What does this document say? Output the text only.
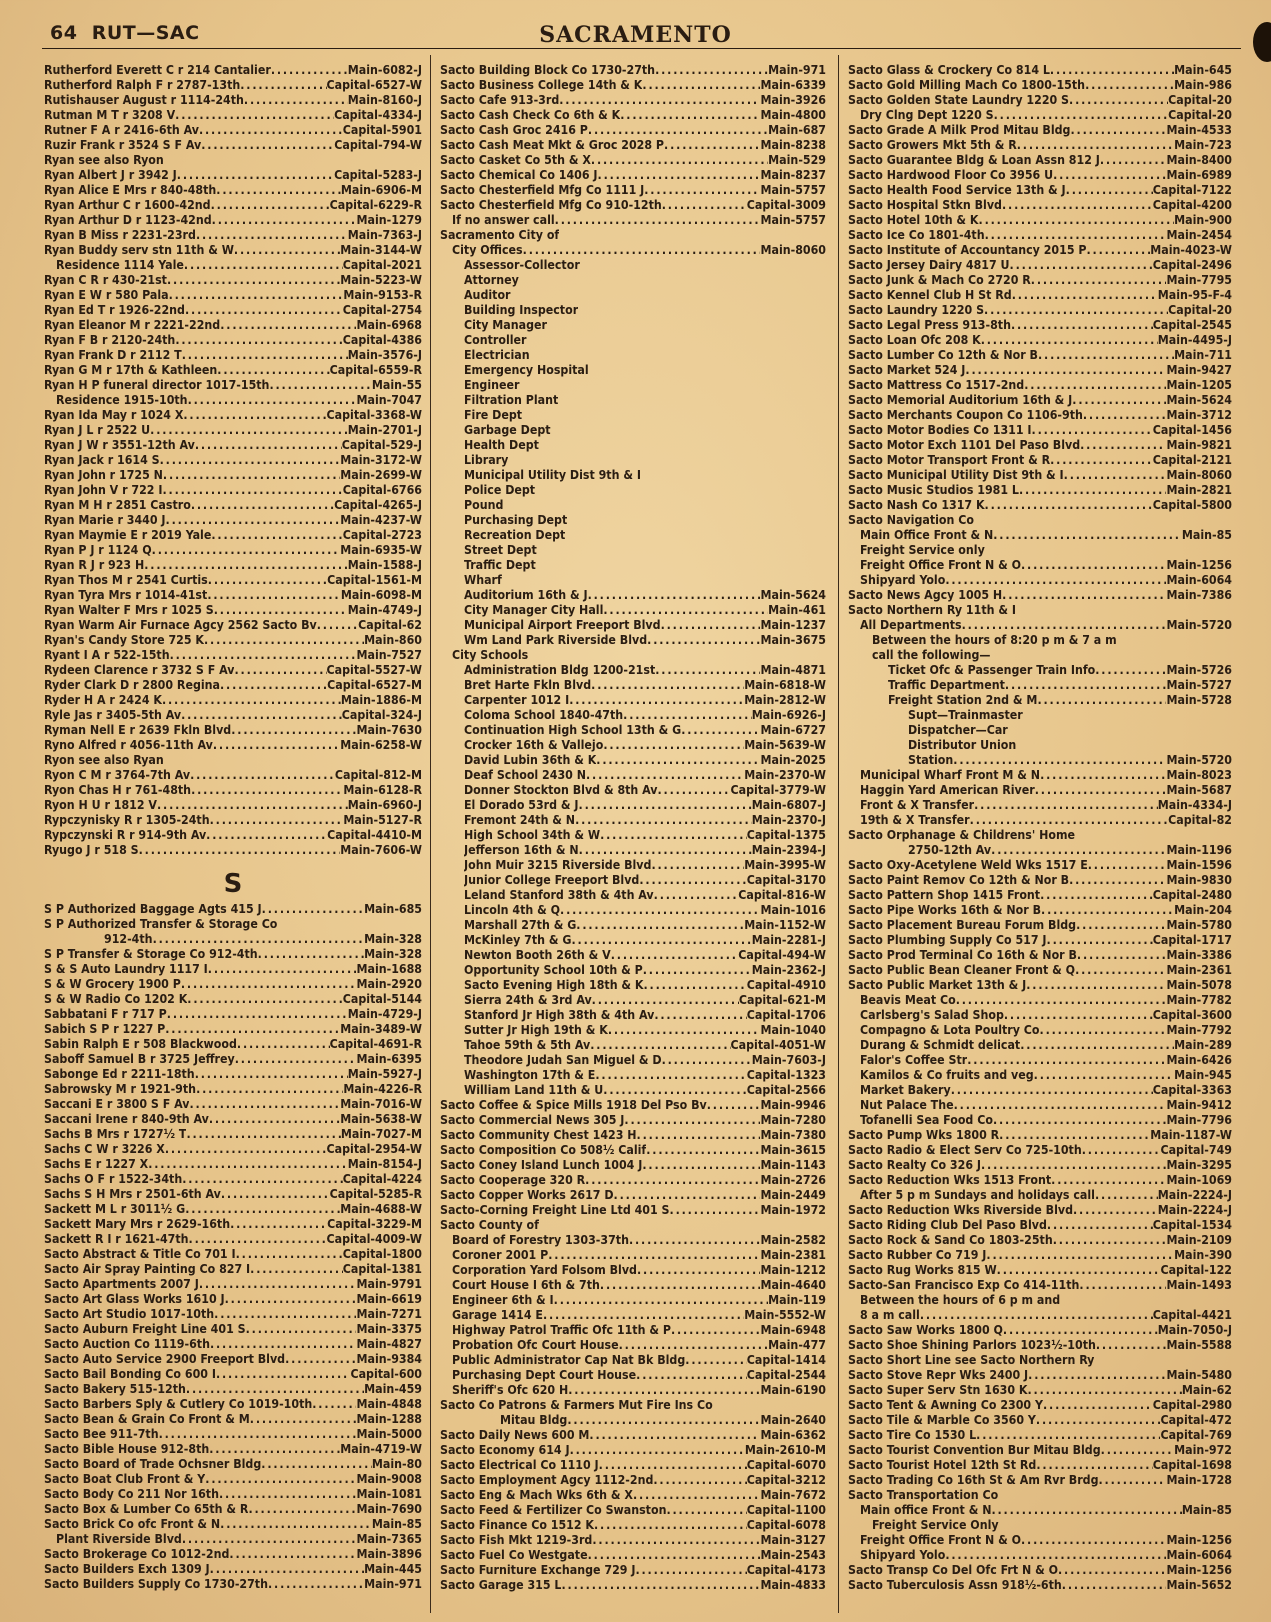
64 RUT—SAC	SACRAMENTO
Rutherford Everett C r 214 Cantalier . . .	Main-6082-J
Rutherford Ralph F r 2787-13th . . .	Capital-6527-W
Rutishauser August r 1114-24th . . .	Main-8160-J
Rutman M T r 3208 V . . .	Capital-4334-J
Rutner F A r 2416-6th Av . . .	Capital-5901
Ruzir Frank r 3524 S F Av . . .	Capital-794-W
Ryan see also Ryon
Ryan Albert J r 3942 J . . .	Capital-5283-J
Ryan Alice E Mrs r 840-48th . . .	Main-6906-M
Ryan Arthur C r 1600-42nd . . .	Capital-6229-R
Ryan Arthur D r 1123-42nd . . .	Main-1279
Ryan B Miss r 2231-23rd . . .	Main-7363-J
Ryan Buddy serv stn 11th & W . . .	Main-3144-W
Residence 1114 Yale . . .	Capital-2021
Ryan C R r 430-21st . . .	Main-5223-W
Ryan E W r 580 Pala . . .	Main-9153-R
Ryan Ed T r 1926-22nd . . .	Capital-2754
Ryan Eleanor M r 2221-22nd . . .	Main-6968
Ryan F B r 2120-24th . . .	Capital-4386
Ryan Frank D r 2112 T . . .	Main-3576-J
Ryan G M r 17th & Kathleen . . .	Capital-6559-R
Ryan H P funeral director 1017-15th . . .	Main-55
Residence 1915-10th . . .	Main-7047
Ryan Ida May r 1024 X . . .	Capital-3368-W
Ryan J L r 2522 U . . .	Main-2701-J
Ryan J W r 3551-12th Av . . .	Capital-529-J
Ryan Jack r 1614 S . . .	Main-3172-W
Ryan John r 1725 N . . .	Main-2699-W
Ryan John V r 722 I . . .	Capital-6766
Ryan M H r 2851 Castro . . .	Capital-4265-J
Ryan Marie r 3440 J . . .	Main-4237-W
Ryan Maymie E r 2019 Yale . . .	Capital-2723
Ryan P J r 1124 Q . . .	Main-6935-W
Ryan R J r 923 H . . .	Main-1588-J
Ryan Thos M r 2541 Curtis . . .	Capital-1561-M
Ryan Tyra Mrs r 1014-41st . . .	Main-6098-M
Ryan Walter F Mrs r 1025 S . . .	Main-4749-J
Ryan Warm Air Furnace Agcy 2562 Sacto Bv . . .	Capital-62
Ryan's Candy Store 725 K . . .	Main-860
Ryant I A r 522-15th . . .	Main-7527
Rydeen Clarence r 3732 S F Av . . .	Capital-5527-W
Ryder Clark D r 2800 Regina . . .	Capital-6527-M
Ryder H A r 2424 K . . .	Main-1886-M
Ryle Jas r 3405-5th Av . . .	Capital-324-J
Ryman Nell E r 2639 Fkln Blvd . . .	Main-7630
Ryno Alfred r 4056-11th Av . . .	Main-6258-W
Ryon see also Ryan
Ryon C M r 3764-7th Av . . .	Capital-812-M
Ryon Chas H r 761-48th . . .	Main-6128-R
Ryon H U r 1812 V . . .	Main-6960-J
Rypczynisky R r 1305-24th . . .	Main-5127-R
Rypczynski R r 914-9th Av . . .	Capital-4410-M
Ryugo J r 518 S . . .	Main-7606-W
S
S P Authorized Baggage Agts 415 J . . .	Main-685
S P Authorized Transfer & Storage Co
912-4th . . .	Main-328
S P Transfer & Storage Co 912-4th . . .	Main-328
S & S Auto Laundry 1117 I . . .	Main-1688
S & W Grocery 1900 P . . .	Main-2920
S & W Radio Co 1202 K . . .	Capital-5144
Sabbatani F r 717 P . . .	Main-4729-J
Sabich S P r 1227 P . . .	Main-3489-W
Sabin Ralph E r 508 Blackwood . . .	Capital-4691-R
Saboff Samuel B r 3725 Jeffrey . . .	Main-6395
Sabonge Ed r 2211-18th . . .	Main-5927-J
Sabrowsky M r 1921-9th . . .	Main-4226-R
Saccani E r 3800 S F Av . . .	Main-7016-W
Saccani Irene r 840-9th Av . . .	Main-5638-W
Sachs B Mrs r 1727½ T . . .	Main-7027-M
Sachs C W r 3226 X . . .	Capital-2954-W
Sachs E r 1227 X . . .	Main-8154-J
Sachs O F r 1522-34th . . .	Capital-4224
Sachs S H Mrs r 2501-6th Av . . .	Capital-5285-R
Sackett M L r 3011½ G . . .	Main-4688-W
Sackett Mary Mrs r 2629-16th . . .	Capital-3229-M
Sackett R I r 1621-47th . . .	Capital-4009-W
Sacto Abstract & Title Co 701 I . . .	Capital-1800
Sacto Air Spray Painting Co 827 I . . .	Capital-1381
Sacto Apartments 2007 J . . .	Main-9791
Sacto Art Glass Works 1610 J . . .	Main-6619
Sacto Art Studio 1017-10th . . .	Main-7271
Sacto Auburn Freight Line 401 S . . .	Main-3375
Sacto Auction Co 1119-6th . . .	Main-4827
Sacto Auto Service 2900 Freeport Blvd . . .	Main-9384
Sacto Bail Bonding Co 600 I . . .	Capital-600
Sacto Bakery 515-12th . . .	Main-459
Sacto Barbers Sply & Cutlery Co 1019-10th . . .	Main-4848
Sacto Bean & Grain Co Front & M . . .	Main-1288
Sacto Bee 911-7th . . .	Main-5000
Sacto Bible House 912-8th . . .	Main-4719-W
Sacto Board of Trade Ochsner Bldg . . .	Main-80
Sacto Boat Club Front & Y . . .	Main-9008
Sacto Body Co 211 Nor 16th . . .	Main-1081
Sacto Box & Lumber Co 65th & R . . .	Main-7690
Sacto Brick Co ofc Front & N . . .	Main-85
Plant Riverside Blvd . . .	Main-7365
Sacto Brokerage Co 1012-2nd . . .	Main-3896
Sacto Builders Exch 1309 J . . .	Main-445
Sacto Builders Supply Co 1730-27th . . .	Main-971
Sacto Building Block Co 1730-27th . . .	Main-971
Sacto Business College 14th & K . . .	Main-6339
Sacto Cafe 913-3rd . . .	Main-3926
Sacto Cash Check Co 6th & K . . .	Main-4800
Sacto Cash Groc 2416 P . . .	Main-687
Sacto Cash Meat Mkt & Groc 2028 P . . .	Main-8238
Sacto Casket Co 5th & X . . .	Main-529
Sacto Chemical Co 1406 J . . .	Main-8237
Sacto Chesterfield Mfg Co 1111 J . . .	Main-5757
Sacto Chesterfield Mfg Co 910-12th . . .	Capital-3009
If no answer call . . .	Main-5757
Sacramento City of
City Offices . . .	Main-8060
Assessor-Collector
Attorney
Auditor
Building Inspector
City Manager
Controller
Electrician
Emergency Hospital
Engineer
Filtration Plant
Fire Dept
Garbage Dept
Health Dept
Library
Municipal Utility Dist 9th & I
Police Dept
Pound
Purchasing Dept
Recreation Dept
Street Dept
Traffic Dept
Wharf
Auditorium 16th & J . . .	Main-5624
City Manager City Hall . . .	Main-461
Municipal Airport Freeport Blvd . . .	Main-1237
Wm Land Park Riverside Blvd . . .	Main-3675
City Schools
Administration Bldg 1200-21st . . .	Main-4871
Bret Harte Fkln Blvd . . .	Main-6818-W
Carpenter 1012 I . . .	Main-2812-W
Coloma School 1840-47th . . .	Main-6926-J
Continuation High School 13th & G . . .	Main-6727
Crocker 16th & Vallejo . . .	Main-5639-W
David Lubin 36th & K . . .	Main-2025
Deaf School 2430 N . . .	Main-2370-W
Donner Stockton Blvd & 8th Av . . .	Capital-3779-W
El Dorado 53rd & J . . .	Main-6807-J
Fremont 24th & N . . .	Main-2370-J
High School 34th & W . . .	Capital-1375
Jefferson 16th & N . . .	Main-2394-J
John Muir 3215 Riverside Blvd . . .	Main-3995-W
Junior College Freeport Blvd . . .	Capital-3170
Leland Stanford 38th & 4th Av . . .	Capital-816-W
Lincoln 4th & Q . . .	Main-1016
Marshall 27th & G . . .	Main-1152-W
McKinley 7th & G . . .	Main-2281-J
Newton Booth 26th & V . . .	Capital-494-W
Opportunity School 10th & P . . .	Main-2362-J
Sacto Evening High 18th & K . . .	Capital-4910
Sierra 24th & 3rd Av . . .	Capital-621-M
Stanford Jr High 38th & 4th Av . . .	Capital-1706
Sutter Jr High 19th & K . . .	Main-1040
Tahoe 59th & 5th Av . . .	Capital-4051-W
Theodore Judah San Miguel & D . . .	Main-7603-J
Washington 17th & E . . .	Capital-1323
William Land 11th & U . . .	Capital-2566
Sacto Coffee & Spice Mills 1918 Del Pso Bv . . .	Main-9946
Sacto Commercial News 305 J . . .	Main-7280
Sacto Community Chest 1423 H . . .	Main-7380
Sacto Composition Co 508½ Calif . . .	Main-3615
Sacto Coney Island Lunch 1004 J . . .	Main-1143
Sacto Cooperage 320 R . . .	Main-2726
Sacto Copper Works 2617 D . . .	Main-2449
Sacto-Corning Freight Line Ltd 401 S . . .	Main-1972
Sacto County of
Board of Forestry 1303-37th . . .	Main-2582
Coroner 2001 P . . .	Main-2381
Corporation Yard Folsom Blvd . . .	Main-1212
Court House I 6th & 7th . . .	Main-4640
Engineer 6th & I . . .	Main-119
Garage 1414 E . . .	Main-5552-W
Highway Patrol Traffic Ofc 11th & P . . .	Main-6948
Probation Ofc Court House . . .	Main-477
Public Administrator Cap Nat Bk Bldg . . .	Capital-1414
Purchasing Dept Court House . . .	Capital-2544
Sheriff's Ofc 620 H . . .	Main-6190
Sacto Co Patrons & Farmers Mut Fire Ins Co
Mitau Bldg . . .	Main-2640
Sacto Daily News 600 M . . .	Main-6362
Sacto Economy 614 J . . .	Main-2610-M
Sacto Electrical Co 1110 J . . .	Capital-6070
Sacto Employment Agcy 1112-2nd . . .	Capital-3212
Sacto Eng & Mach Wks 6th & X . . .	Main-7672
Sacto Feed & Fertilizer Co Swanston . . .	Capital-1100
Sacto Finance Co 1512 K . . .	Capital-6078
Sacto Fish Mkt 1219-3rd . . .	Main-3127
Sacto Fuel Co Westgate . . .	Main-2543
Sacto Furniture Exchange 729 J . . .	Capital-4173
Sacto Garage 315 L . . .	Main-4833
Sacto Glass & Crockery Co 814 L . . .	Main-645
Sacto Gold Milling Mach Co 1800-15th . . .	Main-986
Sacto Golden State Laundry 1220 S . . .	Capital-20
Dry Clng Dept 1220 S . . .	Capital-20
Sacto Grade A Milk Prod Mitau Bldg . . .	Main-4533
Sacto Growers Mkt 5th & R . . .	Main-723
Sacto Guarantee Bldg & Loan Assn 812 J . . .	Main-8400
Sacto Hardwood Floor Co 3956 U . . .	Main-6989
Sacto Health Food Service 13th & J . . .	Capital-7122
Sacto Hospital Stkn Blvd . . .	Capital-4200
Sacto Hotel 10th & K . . .	Main-900
Sacto Ice Co 1801-4th . . .	Main-2454
Sacto Institute of Accountancy 2015 P . . .	Main-4023-W
Sacto Jersey Dairy 4817 U . . .	Capital-2496
Sacto Junk & Mach Co 2720 R . . .	Main-7795
Sacto Kennel Club H St Rd . . .	Main-95-F-4
Sacto Laundry 1220 S . . .	Capital-20
Sacto Legal Press 913-8th . . .	Capital-2545
Sacto Loan Ofc 208 K . . .	Main-4495-J
Sacto Lumber Co 12th & Nor B . . .	Main-711
Sacto Market 524 J . . .	Main-9427
Sacto Mattress Co 1517-2nd . . .	Main-1205
Sacto Memorial Auditorium 16th & J . . .	Main-5624
Sacto Merchants Coupon Co 1106-9th . . .	Main-3712
Sacto Motor Bodies Co 1311 I . . .	Capital-1456
Sacto Motor Exch 1101 Del Paso Blvd . . .	Main-9821
Sacto Motor Transport Front & R . . .	Capital-2121
Sacto Municipal Utility Dist 9th & I . . .	Main-8060
Sacto Music Studios 1981 L . . .	Main-2821
Sacto Nash Co 1317 K . . .	Capital-5800
Sacto Navigation Co
Main Office Front & N . . .	Main-85
Freight Service only
Freight Office Front N & O . . .	Main-1256
Shipyard Yolo . . .	Main-6064
Sacto News Agcy 1005 H . . .	Main-7386
Sacto Northern Ry 11th & I
All Departments . . .	Main-5720
Between the hours of 8:20 p m & 7 a m
call the following—
Ticket Ofc & Passenger Train Info . . .	Main-5726
Traffic Department . . .	Main-5727
Freight Station 2nd & M . . .	Main-5728
Supt—Trainmaster
Dispatcher—Car
Distributor Union
Station . . .	Main-5720
Municipal Wharf Front M & N . . .	Main-8023
Haggin Yard American River . . .	Main-5687
Front & X Transfer . . .	Main-4334-J
19th & X Transfer . . .	Capital-82
Sacto Orphanage & Childrens' Home
2750-12th Av . . .	Main-1196
Sacto Oxy-Acetylene Weld Wks 1517 E . . .	Main-1596
Sacto Paint Remov Co 12th & Nor B . . .	Main-9830
Sacto Pattern Shop 1415 Front . . .	Capital-2480
Sacto Pipe Works 16th & Nor B . . .	Main-204
Sacto Placement Bureau Forum Bldg . . .	Main-5780
Sacto Plumbing Supply Co 517 J . . .	Capital-1717
Sacto Prod Terminal Co 16th & Nor B . . .	Main-3386
Sacto Public Bean Cleaner Front & Q . . .	Main-2361
Sacto Public Market 13th & J . . .	Main-5078
Beavis Meat Co . . .	Main-7782
Carlsberg's Salad Shop . . .	Capital-3600
Compagno & Lota Poultry Co . . .	Main-7792
Durang & Schmidt delicat . . .	Main-289
Falor's Coffee Str . . .	Main-6426
Kamilos & Co fruits and veg . . .	Main-945
Market Bakery . . .	Capital-3363
Nut Palace The . . .	Main-9412
Tofanelli Sea Food Co . . .	Main-7796
Sacto Pump Wks 1800 R . . .	Main-1187-W
Sacto Radio & Elect Serv Co 725-10th . . .	Capital-749
Sacto Realty Co 326 J . . .	Main-3295
Sacto Reduction Wks 1513 Front . . .	Main-1069
After 5 p m Sundays and holidays call . . .	Main-2224-J
Sacto Reduction Wks Riverside Blvd . . .	Main-2224-J
Sacto Riding Club Del Paso Blvd . . .	Capital-1534
Sacto Rock & Sand Co 1803-25th . . .	Main-2109
Sacto Rubber Co 719 J . . .	Main-390
Sacto Rug Works 815 W . . .	Capital-122
Sacto-San Francisco Exp Co 414-11th . . .	Main-1493
Between the hours of 6 p m and
8 a m call . . .	Capital-4421
Sacto Saw Works 1800 Q . . .	Main-7050-J
Sacto Shoe Shining Parlors 1023½-10th . . .	Main-5588
Sacto Short Line see Sacto Northern Ry
Sacto Stove Repr Wks 2400 J . . .	Main-5480
Sacto Super Serv Stn 1630 K . . .	Main-62
Sacto Tent & Awning Co 2300 Y . . .	Capital-2980
Sacto Tile & Marble Co 3560 Y . . .	Capital-472
Sacto Tire Co 1530 L . . .	Capital-769
Sacto Tourist Convention Bur Mitau Bldg . . .	Main-972
Sacto Tourist Hotel 12th St Rd . . .	Capital-1698
Sacto Trading Co 16th St & Am Rvr Brdg . . .	Main-1728
Sacto Transportation Co
Main office Front & N . . .	Main-85
Freight Service Only
Freight Office Front N & O . . .	Main-1256
Shipyard Yolo . . .	Main-6064
Sacto Transp Co Del Ofc Frt N & O . . .	Main-1256
Sacto Tuberculosis Assn 918½-6th . . .	Main-5652
